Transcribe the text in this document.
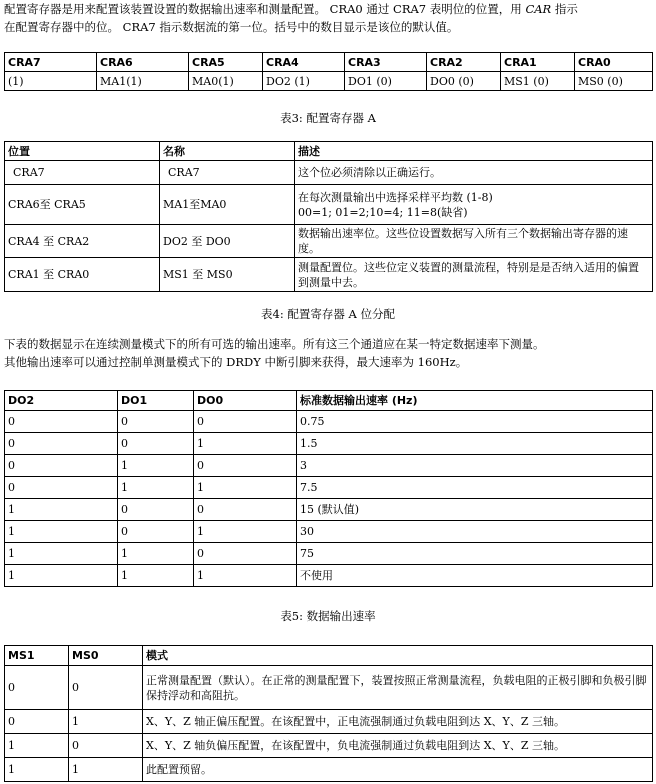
配置寄存器是用来配置该装置设置的数据输出速率和测量配置。 CRA0 通过 CRA7 表明位的位置，用 CAR 指示
在配置寄存器中的位。 CRA7 指示数据流的第一位。括号中的数目显示是该位的默认值。
CRA7	CRA6	CRA5	CRA4	CRA3	CRA2	CRA1	CRA0
(1)	MA1(1)	MA0(1)	DO2 (1)	DO1 (0)	DO0 (0)	MS1 (0)	MS0 (0)
表3: 配置寄存器 A
位置	名称	描述
CRA7	CRA7	这个位必须清除以正确运行。
CRA6至 CRA5	MA1至MA0	在每次测量输出中选择采样平均数 (1-8)
00=1; 01=2;10=4; 11=8(缺省)
CRA4 至 CRA2	DO2 至 DO0	数据输出速率位。这些位设置数据写入所有三个数据输出寄存器的速度。
CRA1 至 CRA0	MS1 至 MS0	测量配置位。这些位定义装置的测量流程，特别是是否纳入适用的偏置到测量中去。
表4: 配置寄存器 A 位分配
下表的数据显示在连续测量模式下的所有可选的输出速率。所有这三个通道应在某一特定数据速率下测量。
其他输出速率可以通过控制单测量模式下的 DRDY 中断引脚来获得，最大速率为 160Hz。
DO2	DO1	DO0	标准数据输出速率 (Hz)
0	0	0	0.75
0	0	1	1.5
0	1	0	3
0	1	1	7.5
1	0	0	15 (默认值)
1	0	1	30
1	1	0	75
1	1	1	不使用
表5: 数据输出速率
MS1	MS0	模式
0	0	正常测量配置（默认）。在正常的测量配置下，装置按照正常测量流程，负载电阻的正极引脚和负极引脚保持浮动和高阻抗。
0	1	X、Y、Z 轴正偏压配置。在该配置中，正电流强制通过负载电阻到达 X、Y、Z 三轴。
1	0	X、Y、Z 轴负偏压配置，在该配置中，负电流强制通过负载电阻到达 X、Y、Z 三轴。
1	1	此配置预留。
